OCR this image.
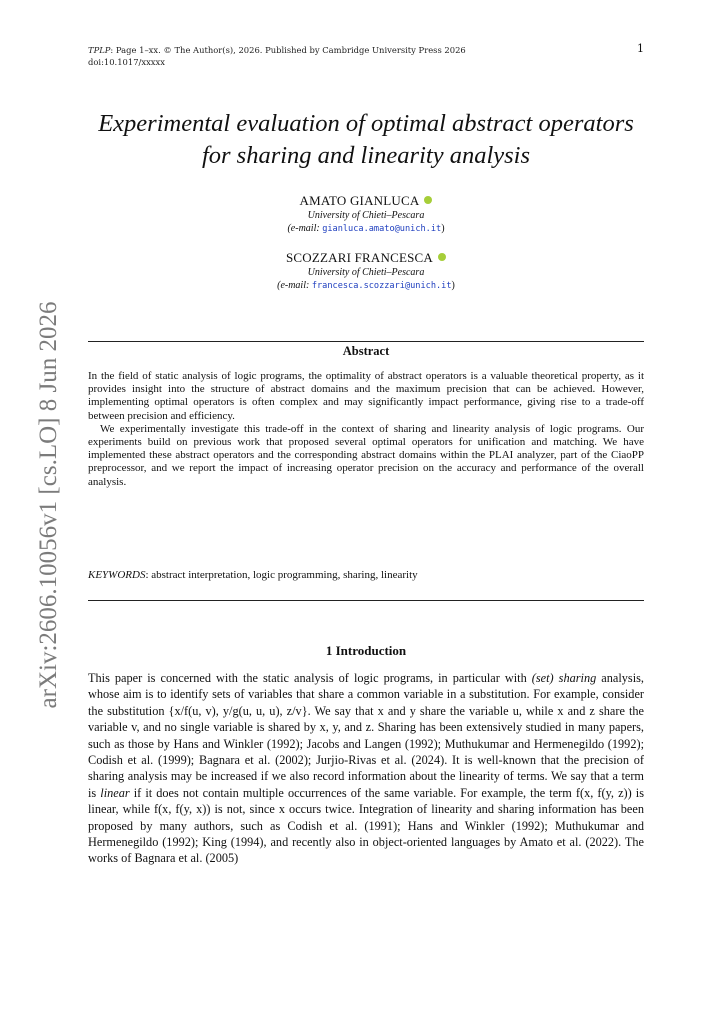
TPLP: Page 1–xx. © The Author(s), 2026. Published by Cambridge University Press 2026
doi:10.1017/xxxxx
1
arXiv:2606.10056v1 [cs.LO] 8 Jun 2026
Experimental evaluation of optimal abstract operators
for sharing and linearity analysis
AMATO GIANLUCA
University of Chieti–Pescara
(e-mail: gianluca.amato@unich.it)
SCOZZARI FRANCESCA
University of Chieti–Pescara
(e-mail: francesca.scozzari@unich.it)
Abstract

In the field of static analysis of logic programs, the optimality of abstract operators is a valuable theoretical property, as it provides insight into the structure of abstract domains and the maximum precision that can be achieved. However, implementing optimal operators is often complex and may significantly impact performance, giving rise to a trade-off between precision and efficiency.

We experimentally investigate this trade-off in the context of sharing and linearity analysis of logic programs. Our experiments build on previous work that proposed several optimal operators for unification and matching. We have implemented these abstract operators and the corresponding abstract domains within the PLAI analyzer, part of the CiaoPP preprocessor, and we report the impact of increasing operator precision on the accuracy and performance of the overall analysis.

KEYWORDS: abstract interpretation, logic programming, sharing, linearity
1 Introduction

This paper is concerned with the static analysis of logic programs, in particular with (set) sharing analysis, whose aim is to identify sets of variables that share a common variable in a substitution. For example, consider the substitution {x/f(u, v), y/g(u, u, u), z/v}. We say that x and y share the variable u, while x and z share the variable v, and no single variable is shared by x, y, and z. Sharing has been extensively studied in many papers, such as those by Hans and Winkler (1992); Jacobs and Langen (1992); Muthukumar and Hermenegildo (1992); Codish et al. (1999); Bagnara et al. (2002); Jurjio-Rivas et al. (2024). It is well-known that the precision of sharing analysis may be increased if we also record information about the linearity of terms. We say that a term is linear if it does not contain multiple occurrences of the same variable. For example, the term f(x, f(y, z)) is linear, while f(x, f(y, x)) is not, since x occurs twice. Integration of linearity and sharing information has been proposed by many authors, such as Codish et al. (1991); Hans and Winkler (1992); Muthukumar and Hermenegildo (1992); King (1994), and recently also in object-oriented languages by Amato et al. (2022). The works of Bagnara et al. (2005)
